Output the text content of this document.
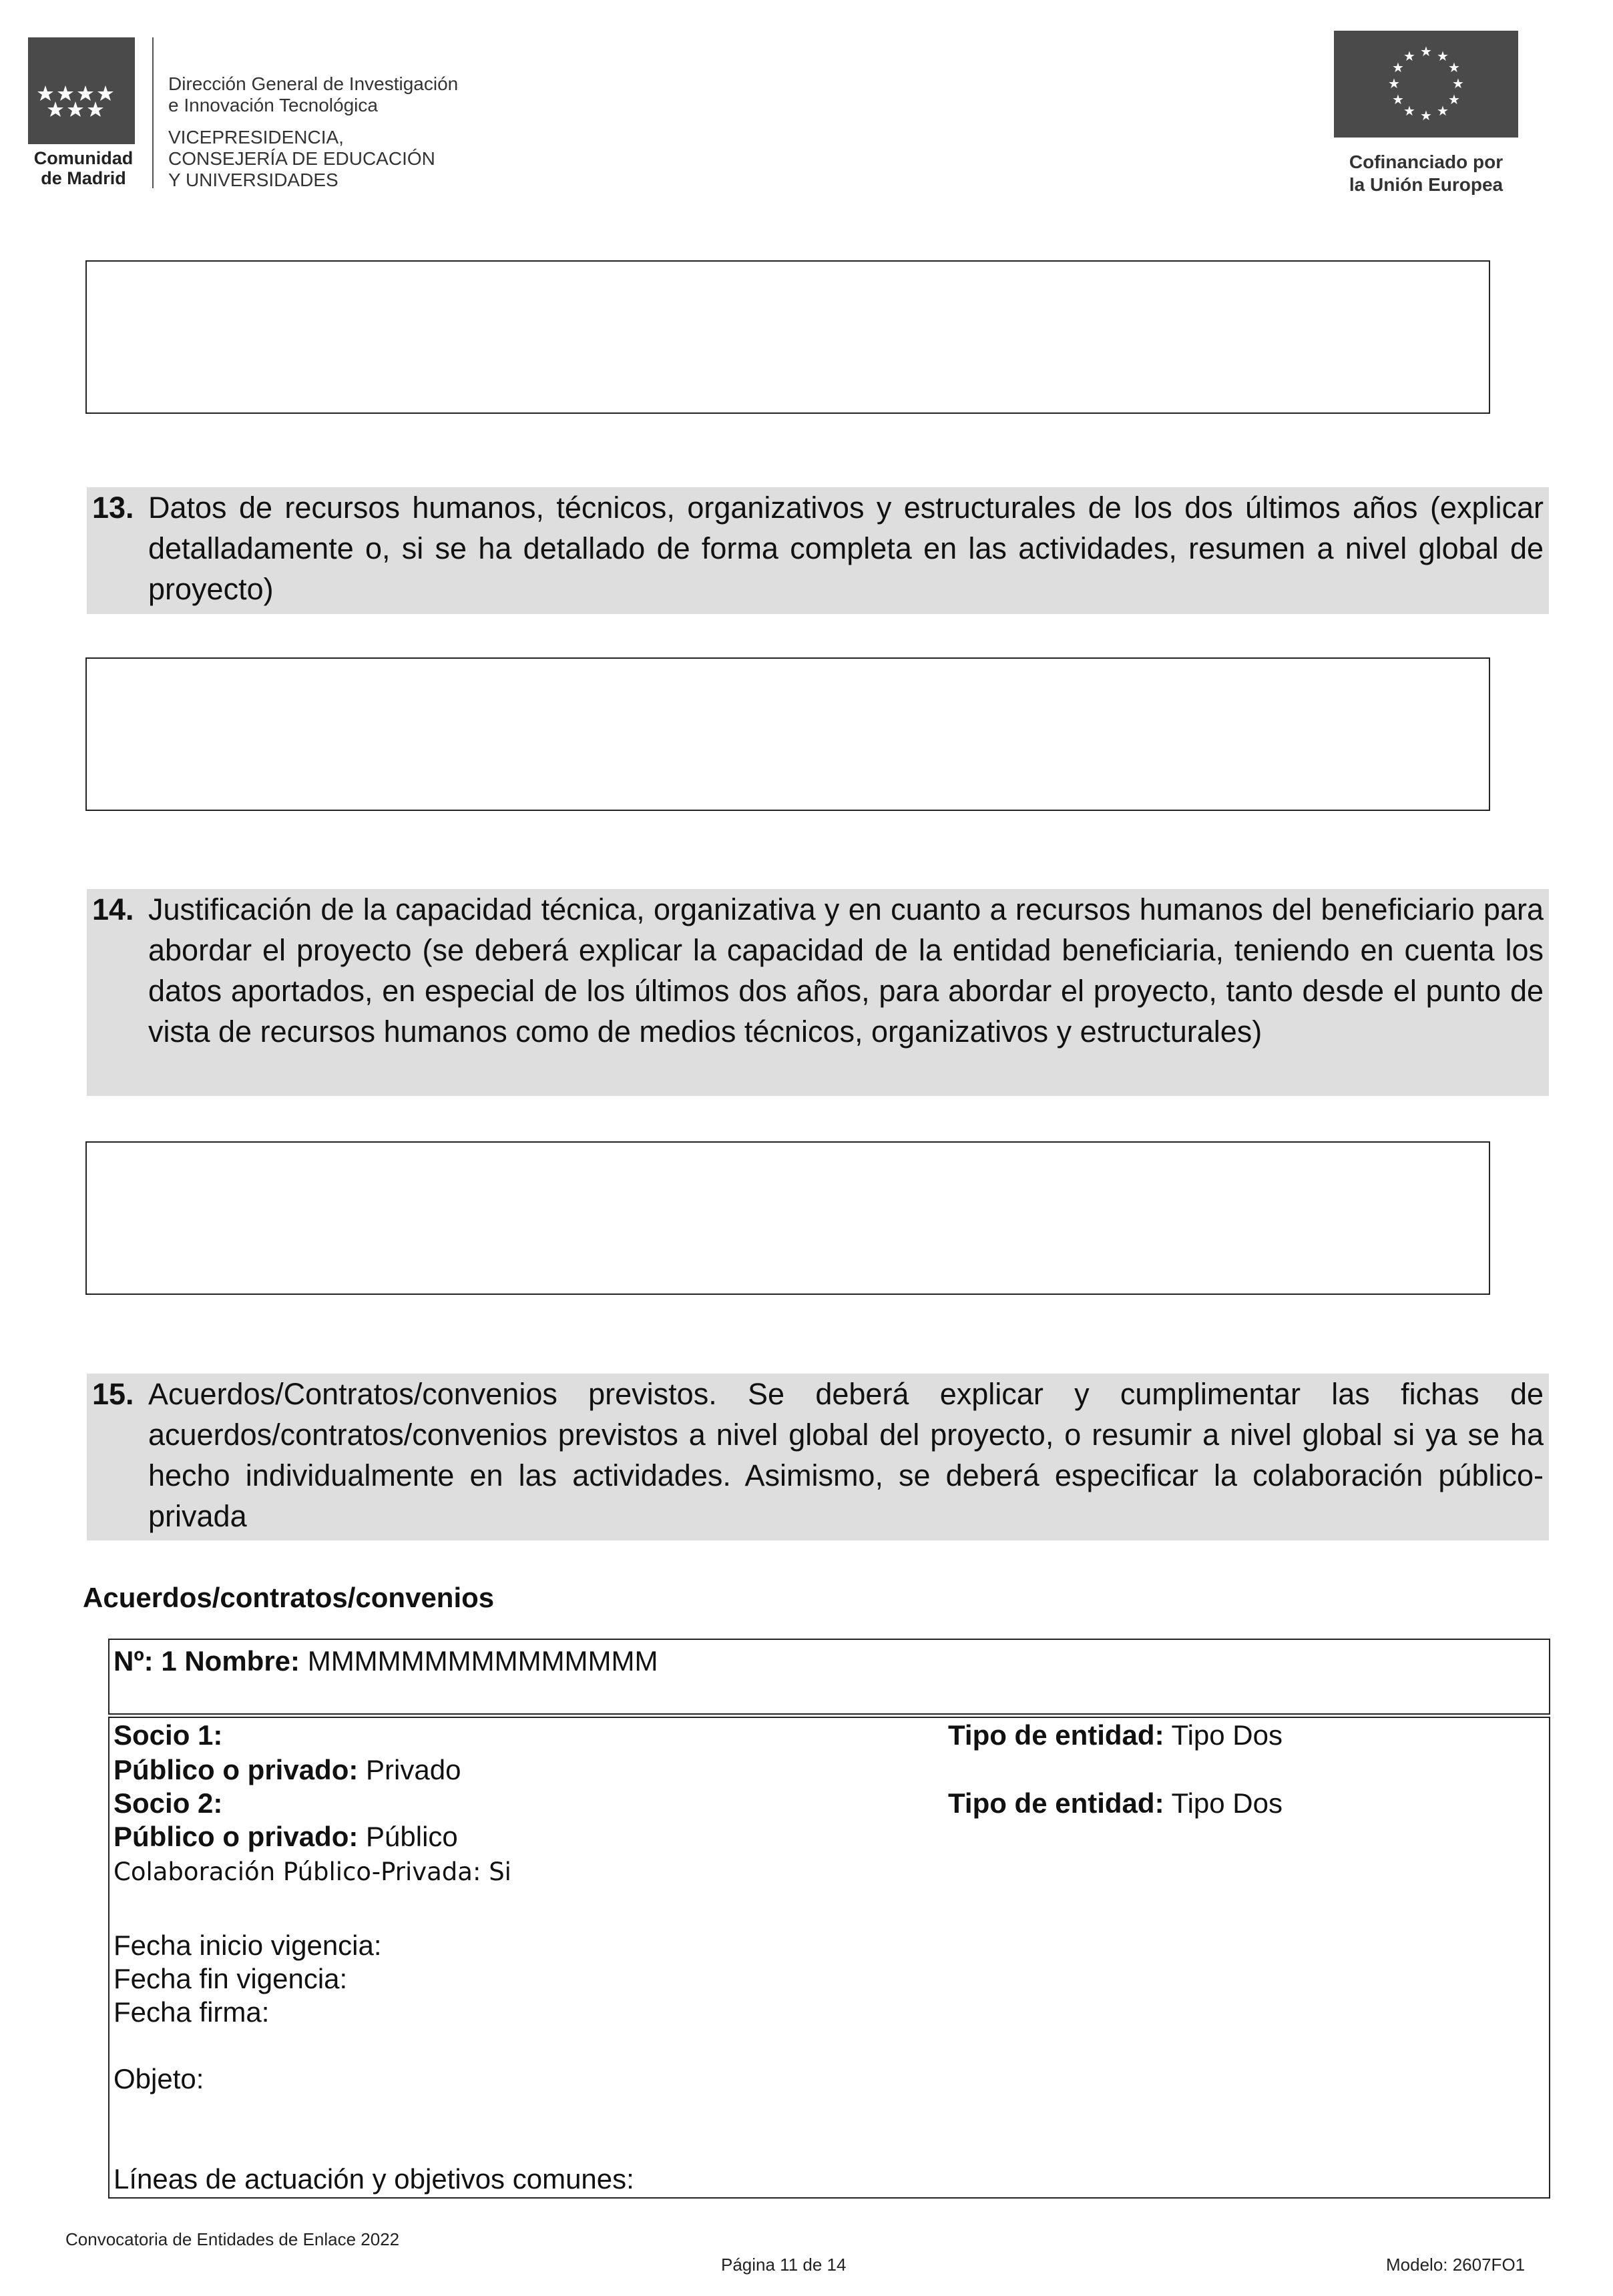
Comunidad
de Madrid
Dirección General de Investigación
e Innovación Tecnológica
VICEPRESIDENCIA,
CONSEJERÍA DE EDUCACIÓN
Y UNIVERSIDADES
★ ★
★
★
★
★
★
★
★
★
★
★
Cofinanciado por
la Unión Europea
13. Datos de recursos humanos, técnicos, organizativos y estructurales de los dos últimos años (explicar detalladamente o, si se ha detallado de forma completa en las actividades, resumen a nivel global de proyecto)

14. Justificación de la capacidad técnica, organizativa y en cuanto a recursos humanos del beneficiario para abordar el proyecto (se deberá explicar la capacidad de la entidad beneficiaria, teniendo en cuenta los datos aportados, en especial de los últimos dos años, para abordar el proyecto, tanto desde el punto de vista de recursos humanos como de medios técnicos, organizativos y estructurales)

15. Acuerdos/Contratos/convenios previstos. Se deberá explicar y cumplimentar las fichas de acuerdos/contratos/convenios previstos a nivel global del proyecto, o resumir a nivel global si ya se ha hecho individualmente en las actividades. Asimismo, se deberá especificar la colaboración público-privada

Acuerdos/contratos/convenios
Nº: 1 Nombre: MMMMMMMMMMMMMMM
Socio 1:	Tipo de entidad: Tipo Dos
Público o privado: Privado
Socio 2:	Tipo de entidad: Tipo Dos
Público o privado: Público
Colaboración Público-Privada: Si
Fecha inicio vigencia:
Fecha fin vigencia:
Fecha firma:
Objeto:
Líneas de actuación y objetivos comunes:
Convocatoria de Entidades de Enlace 2022
Página 11 de 14	Modelo: 2607FO1
